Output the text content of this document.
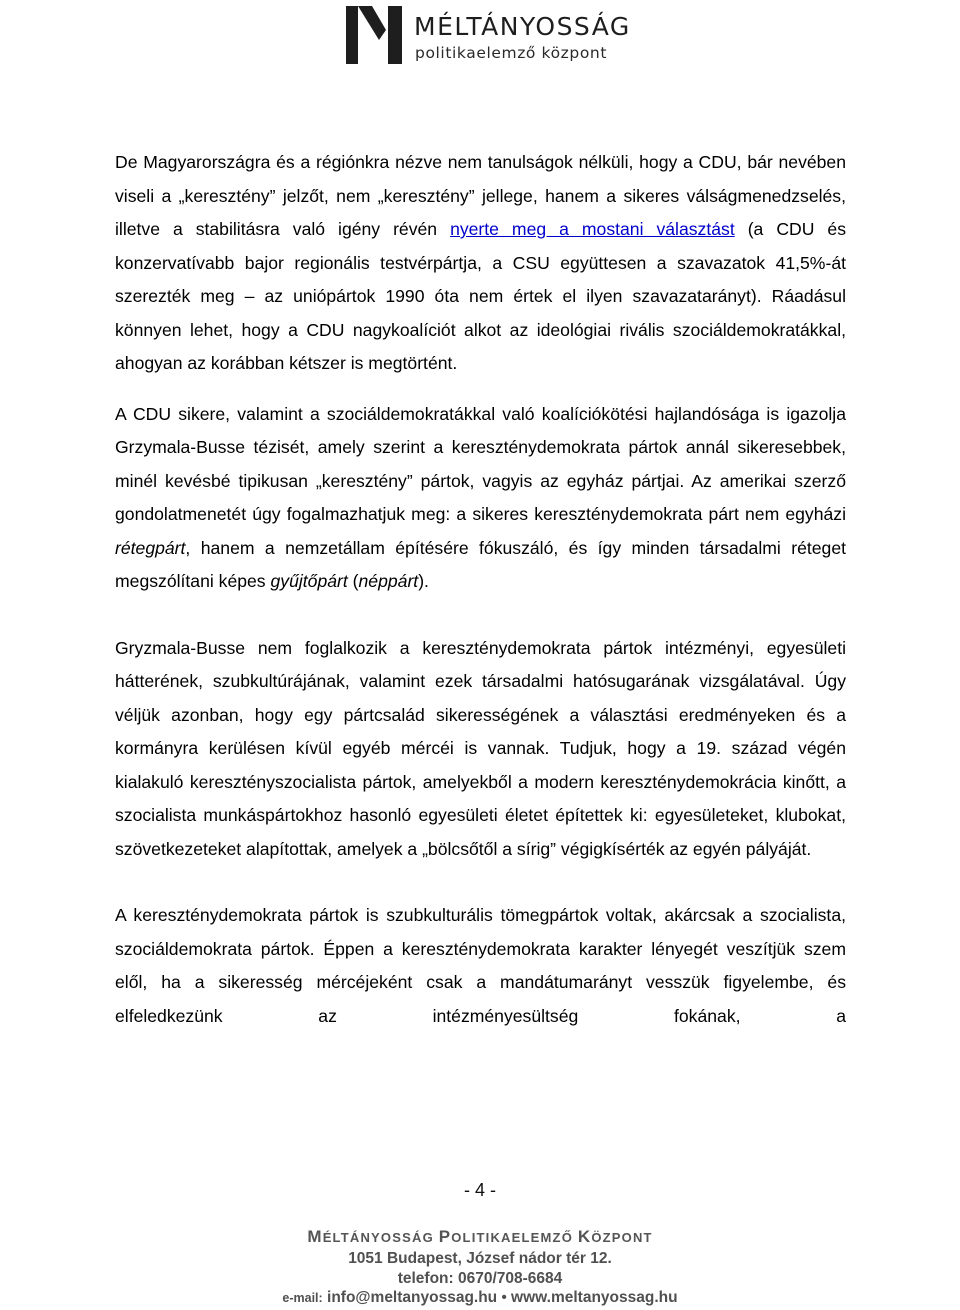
MÉLTÁNYOSSÁG
politikaelemző központ

De Magyarországra és a régiónkra nézve nem tanulságok nélküli, hogy a CDU, bár nevében viseli a „keresztény” jelzőt, nem „keresztény” jellege, hanem a sikeres válságmenedzselés, illetve a stabilitásra való igény révén nyerte meg a mostani választást (a CDU és konzervatívabb bajor regionális testvérpártja, a CSU együttesen a szavazatok 41,5%-át szerezték meg – az uniópártok 1990 óta nem értek el ilyen szavazatarányt). Ráadásul könnyen lehet, hogy a CDU nagykoalíciót alkot az ideológiai rivális szociáldemokratákkal, ahogyan az korábban kétszer is megtörtént.

A CDU sikere, valamint a szociáldemokratákkal való koalíciókötési hajlandósága is igazolja Grzymala-Busse tézisét, amely szerint a kereszténydemokrata pártok annál sikeresebbek, minél kevésbé tipikusan „keresztény” pártok, vagyis az egyház pártjai. Az amerikai szerző gondolatmenetét úgy fogalmazhatjuk meg: a sikeres kereszténydemokrata párt nem egyházi rétegpárt, hanem a nemzetállam építésére fókuszáló, és így minden társadalmi réteget megszólítani képes gyűjtőpárt (néppárt).

Gryzmala-Busse nem foglalkozik a kereszténydemokrata pártok intézményi, egyesületi hátterének, szubkultúrájának, valamint ezek társadalmi hatósugarának vizsgálatával. Úgy véljük azonban, hogy egy pártcsalád sikerességének a választási eredményeken és a kormányra kerülésen kívül egyéb mércéi is vannak. Tudjuk, hogy a 19. század végén kialakuló keresztényszocialista pártok, amelyekből a modern kereszténydemokrácia kinőtt, a szocialista munkáspártokhoz hasonló egyesületi életet építettek ki: egyesületeket, klubokat, szövetkezeteket alapítottak, amelyek a „bölcsőtől a sírig” végigkísérték az egyén pályáját.

A kereszténydemokrata pártok is szubkulturális tömegpártok voltak, akárcsak a szocialista, szociáldemokrata pártok. Éppen a kereszténydemokrata karakter lényegét veszítjük szem elől, ha a sikeresség mércéjeként csak a mandátumarányt vesszük figyelembe, és elfeledkezünk az intézményesültség fokának, a

- 4 -
MÉLTÁNYOSSÁG POLITIKAELEMZŐ KÖZPONT
1051 Budapest, József nádor tér 12.
telefon: 0670/708-6684
e-mail: info@meltanyossag.hu • www.meltanyossag.hu
